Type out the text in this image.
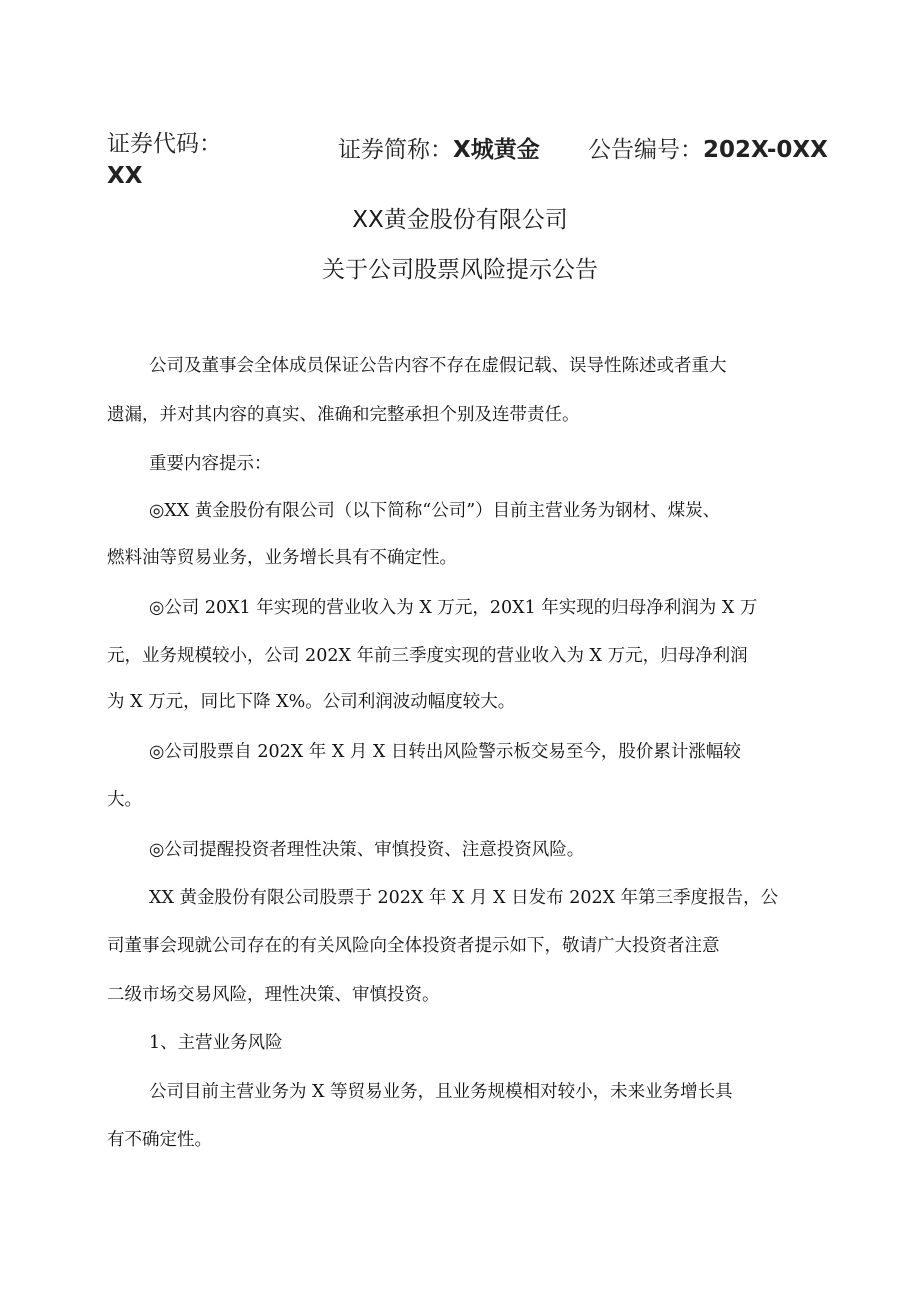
证券代码：
XX
证券简称：X城黄金 公告编号：202X-0XX
XX黄金股份有限公司
关于公司股票风险提示公告
公司及董事会全体成员保证公告内容不存在虚假记载、误导性陈述或者重大
遗漏，并对其内容的真实、准确和完整承担个别及连带责任。
重要内容提示：
◎XX 黄金股份有限公司（以下简称“公司”）目前主营业务为钢材、煤炭、
燃料油等贸易业务，业务增长具有不确定性。
◎公司 20X1 年实现的营业收入为 X 万元，20X1 年实现的归母净利润为 X 万
元，业务规模较小，公司 202X 年前三季度实现的营业收入为 X 万元，归母净利润
为 X 万元，同比下降 X%。公司利润波动幅度较大。
◎公司股票自 202X 年 X 月 X 日转出风险警示板交易至今，股价累计涨幅较
大。
◎公司提醒投资者理性决策、审慎投资、注意投资风险。
XX 黄金股份有限公司股票于 202X 年 X 月 X 日发布 202X 年第三季度报告，公
司董事会现就公司存在的有关风险向全体投资者提示如下，敬请广大投资者注意
二级市场交易风险，理性决策、审慎投资。
1、主营业务风险
公司目前主营业务为 X 等贸易业务，且业务规模相对较小，未来业务增长具
有不确定性。
